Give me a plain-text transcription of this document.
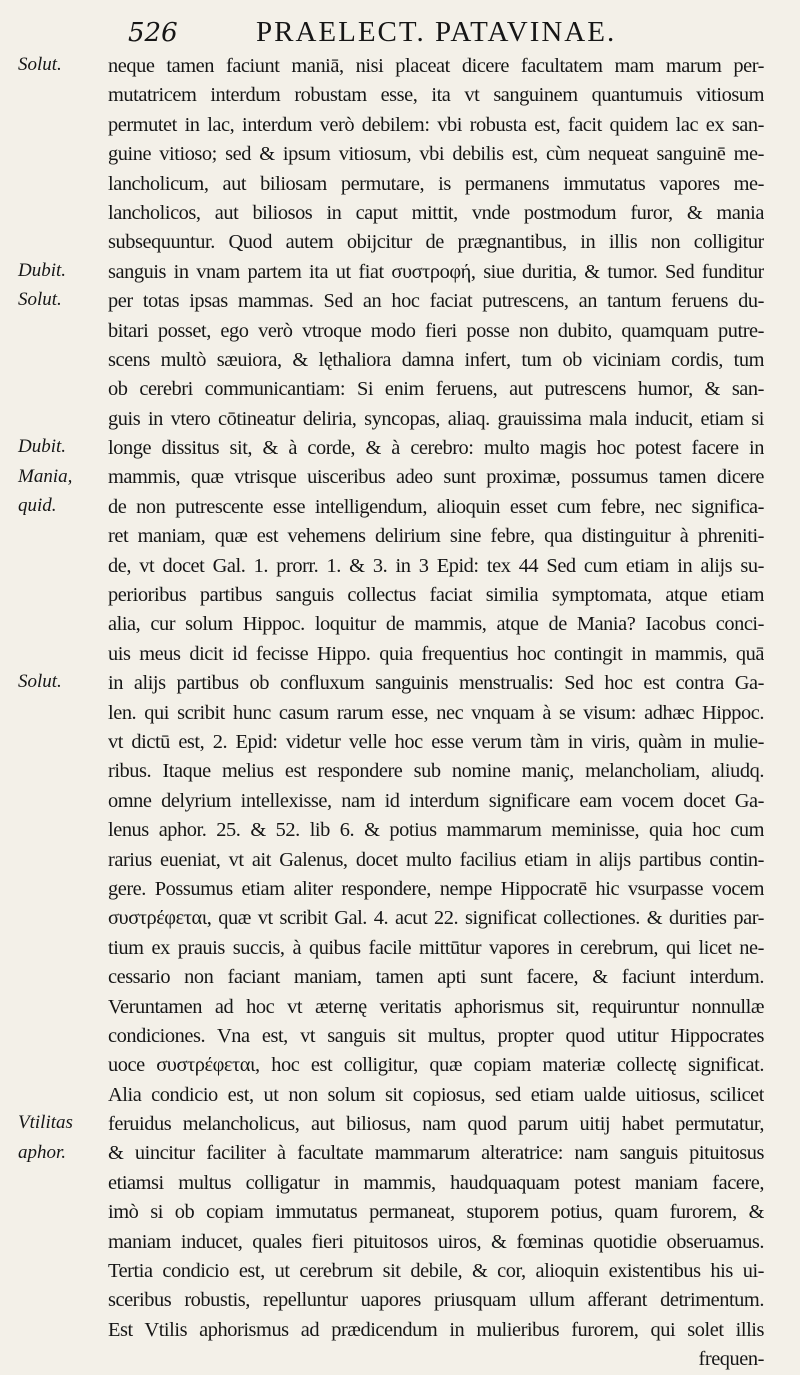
526	PRAELECT. PATAVINAE.
Solut.
Dubit.
Solut.
Dubit.
Mania,
quid.
Solut.
Vtilitas
aphor.
neque tamen faciunt maniā, nisi placeat dicere facultatem mam marum per-
mutatricem interdum robustam esse, ita vt sanguinem quantumuis vitiosum
permutet in lac, interdum verò debilem: vbi robusta est, facit quidem lac ex san-
guine vitioso; sed & ipsum vitiosum, vbi debilis est, cùm nequeat sanguinē me-
lancholicum, aut biliosam permutare, is permanens immutatus vapores me-
lancholicos, aut biliosos in caput mittit, vnde postmodum furor, & mania
subsequuntur. Quod autem obijcitur de prægnantibus, in illis non colligitur
sanguis in vnam partem ita ut fiat συστροφή, siue duritia, & tumor. Sed funditur
per totas ipsas mammas. Sed an hoc faciat putrescens, an tantum feruens du-
bitari posset, ego verò vtroque modo fieri posse non dubito, quamquam putre-
scens multò sæuiora, & lęthaliora damna infert, tum ob viciniam cordis, tum
ob cerebri communicantiam: Si enim feruens, aut putrescens humor, & san-
guis in vtero cōtineatur deliria, syncopas, aliaq. grauissima mala inducit, etiam si
longe dissitus sit, & à corde, & à cerebro: multo magis hoc potest facere in
mammis, quæ vtrisque uisceribus adeo sunt proximæ, possumus tamen dicere
de non putrescente esse intelligendum, alioquin esset cum febre, nec significa-
ret maniam, quæ est vehemens delirium sine febre, qua distinguitur à phreniti-
de, vt docet Gal. 1. prorr. 1. & 3. in 3 Epid: tex 44 Sed cum etiam in alijs su-
perioribus partibus sanguis collectus faciat similia symptomata, atque etiam
alia, cur solum Hippoc. loquitur de mammis, atque de Mania? Iacobus conci-
uis meus dicit id fecisse Hippo. quia frequentius hoc contingit in mammis, quā
in alijs partibus ob confluxum sanguinis menstrualis: Sed hoc est contra Ga-
len. qui scribit hunc casum rarum esse, nec vnquam à se visum: adhæc Hippoc.
vt dictū est, 2. Epid: videtur velle hoc esse verum tàm in viris, quàm in mulie-
ribus. Itaque melius est respondere sub nomine maniç, melancholiam, aliudq.
omne delyrium intellexisse, nam id interdum significare eam vocem docet Ga-
lenus aphor. 25. & 52. lib 6. & potius mammarum meminisse, quia hoc cum
rarius eueniat, vt ait Galenus, docet multo facilius etiam in alijs partibus contin-
gere. Possumus etiam aliter respondere, nempe Hippocratē hic vsurpasse vocem
συστρέφεται, quæ vt scribit Gal. 4. acut 22. significat collectiones. & durities par-
tium ex prauis succis, à quibus facile mittūtur vapores in cerebrum, qui licet ne-
cessario non faciant maniam, tamen apti sunt facere, & faciunt interdum.
Veruntamen ad hoc vt æternę veritatis aphorismus sit, requiruntur nonnullæ
condiciones. Vna est, vt sanguis sit multus, propter quod utitur Hippocrates
uoce συστρέφεται, hoc est colligitur, quæ copiam materiæ collectę significat.
Alia condicio est, ut non solum sit copiosus, sed etiam ualde uitiosus, scilicet
feruidus melancholicus, aut biliosus, nam quod parum uitij habet permutatur,
& uincitur faciliter à facultate mammarum alteratrice: nam sanguis pituitosus
etiamsi multus colligatur in mammis, haudquaquam potest maniam facere,
imò si ob copiam immutatus permaneat, stuporem potius, quam furorem, &
maniam inducet, quales fieri pituitosos uiros, & fœminas quotidie obseruamus.
Tertia condicio est, ut cerebrum sit debile, & cor, alioquin existentibus his ui-
sceribus robustis, repelluntur uapores priusquam ullum afferant detrimentum.
Est Vtilis aphorismus ad prædicendum in mulieribus furorem, qui solet illis
frequen-
